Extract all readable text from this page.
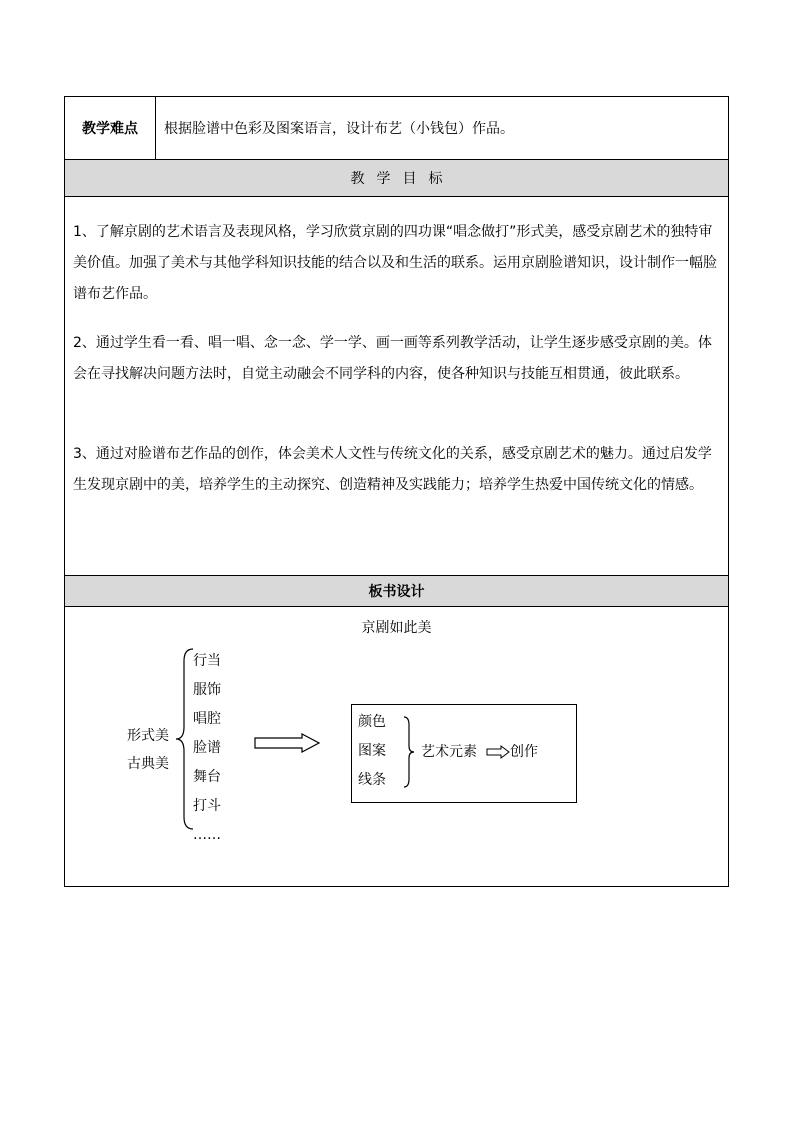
教学难点	根据脸谱中色彩及图案语言，设计布艺（小钱包）作品。
教学目标

1、了解京剧的艺术语言及表现风格，学习欣赏京剧的四功课“唱念做打”形式美，感受京剧艺术的独特审美价值。加强了美术与其他学科知识技能的结合以及和生活的联系。运用京剧脸谱知识，设计制作一幅脸谱布艺作品。

2、通过学生看一看、唱一唱、念一念、学一学、画一画等系列教学活动，让学生逐步感受京剧的美。体会在寻找解决问题方法时，自觉主动融会不同学科的内容，使各种知识与技能互相贯通，彼此联系。

3、通过对脸谱布艺作品的创作，体会美术人文性与传统文化的关系，感受京剧艺术的魅力。通过启发学生发现京剧中的美，培养学生的主动探究、创造精神及实践能力；培养学生热爱中国传统文化的情感。

板书设计
京剧如此美
形式美
古典美
行当
服饰
唱腔
脸谱
舞台
打斗
……
颜色
图案
线条
艺术元素 创作
